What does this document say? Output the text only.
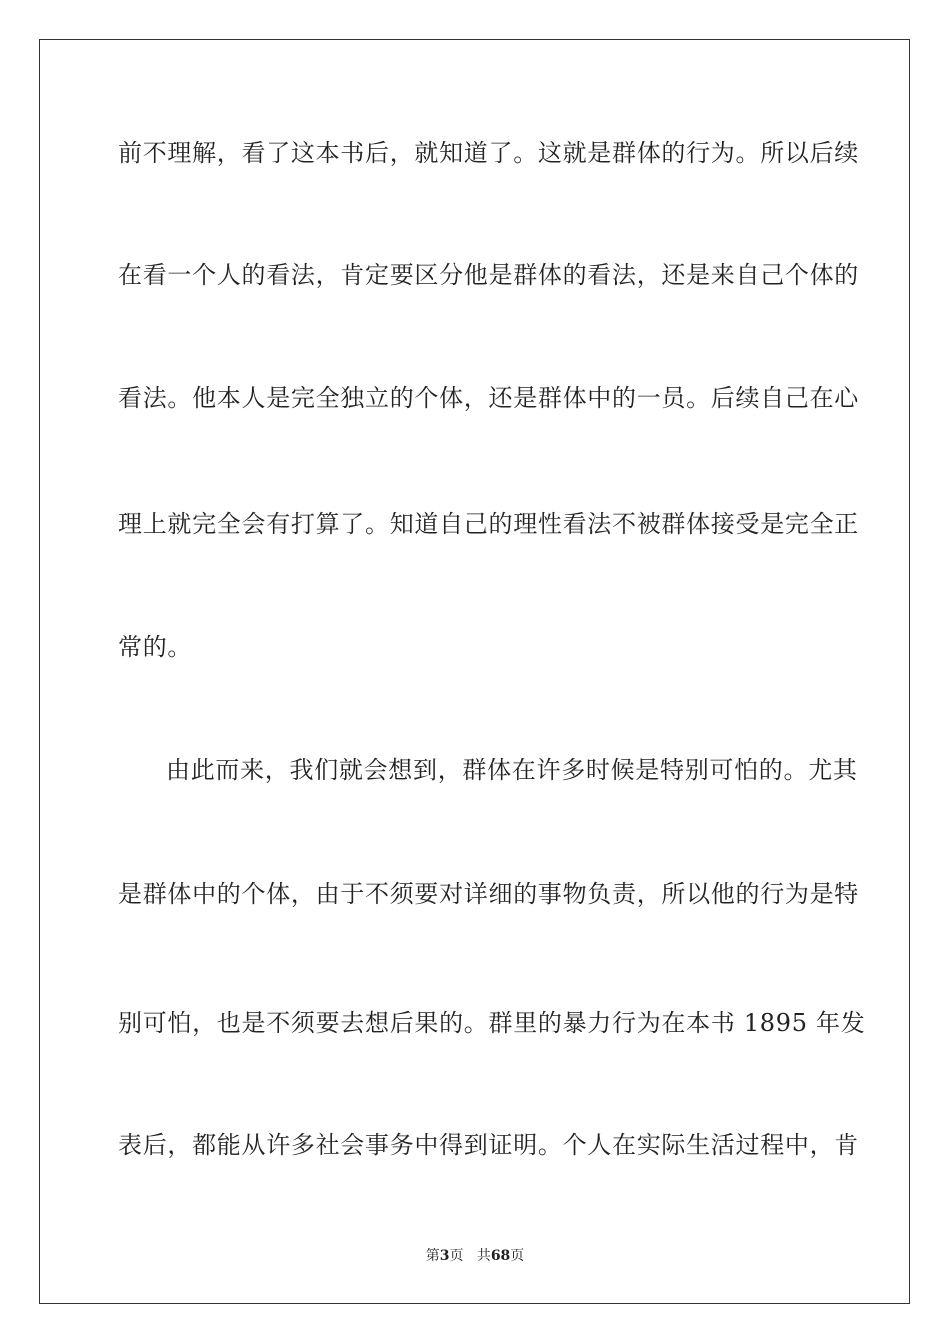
前不理解，看了这本书后，就知道了。这就是群体的行为。所以后续
在看一个人的看法，肯定要区分他是群体的看法，还是来自己个体的
看法。他本人是完全独立的个体，还是群体中的一员。后续自己在心
理上就完全会有打算了。知道自己的理性看法不被群体接受是完全正
常的。
由此而来，我们就会想到，群体在许多时候是特别可怕的。尤其
是群体中的个体，由于不须要对详细的事物负责，所以他的行为是特
别可怕，也是不须要去想后果的。群里的暴力行为在本书 1895 年发
表后，都能从许多社会事务中得到证明。个人在实际生活过程中，肯
第3页 共68页
